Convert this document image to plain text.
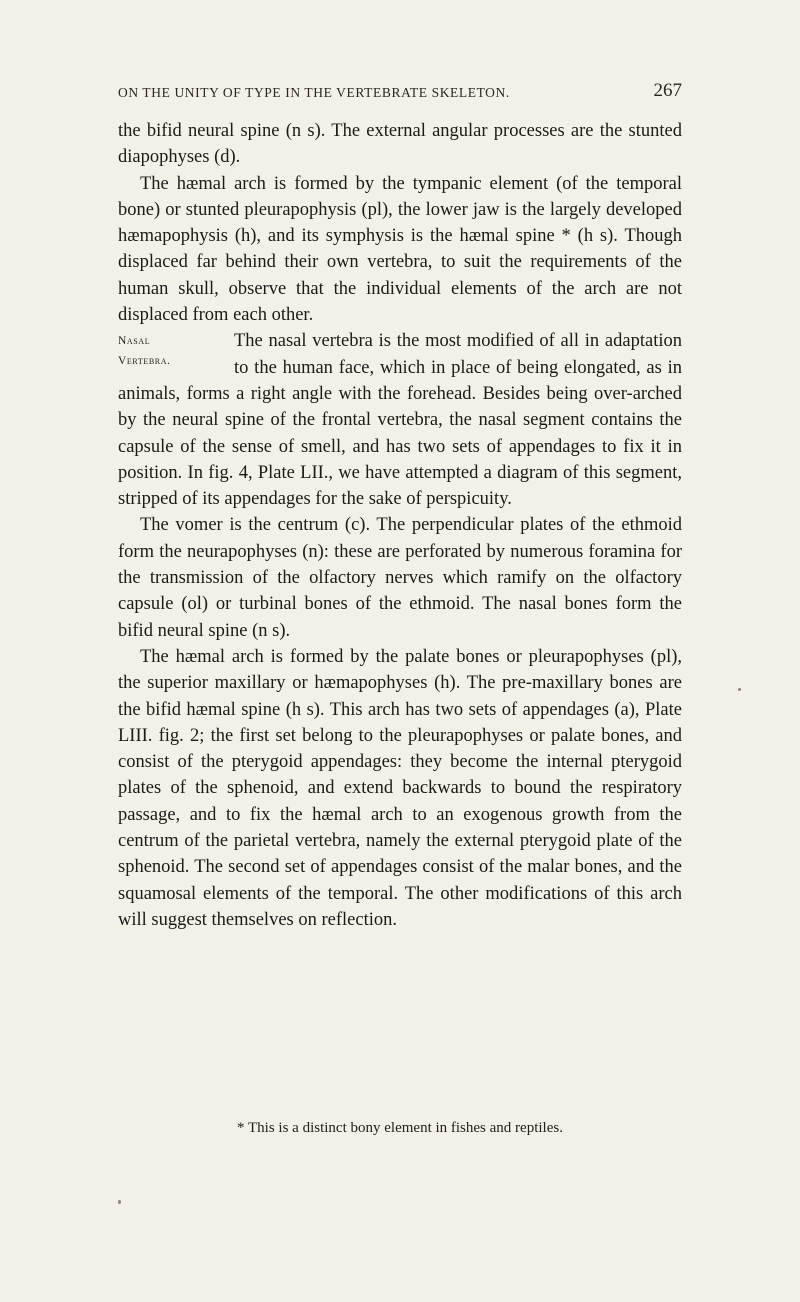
ON THE UNITY OF TYPE IN THE VERTEBRATE SKELETON.	267

the bifid neural spine (n s). The external angular processes are the stunted diapophyses (d).

The hæmal arch is formed by the tympanic element (of the temporal bone) or stunted pleurapophysis (pl), the lower jaw is the largely developed hæmapophysis (h), and its symphysis is the hæmal spine * (h s). Though displaced far behind their own vertebra, to suit the requirements of the human skull, observe that the individual elements of the arch are not displaced from each other.

Nasal
Vertebra.
The nasal vertebra is the most modified of all in adaptation to the human face, which in place of being elongated, as in animals, forms a right angle with the forehead. Besides being over-arched by the neural spine of the frontal vertebra, the nasal segment contains the capsule of the sense of smell, and has two sets of appendages to fix it in position. In fig. 4, Plate LII., we have attempted a diagram of this segment, stripped of its appendages for the sake of perspicuity.

The vomer is the centrum (c). The perpendicular plates of the ethmoid form the neurapophyses (n): these are perforated by numerous foramina for the transmission of the olfactory nerves which ramify on the olfactory capsule (ol) or turbinal bones of the ethmoid. The nasal bones form the bifid neural spine (n s).

The hæmal arch is formed by the palate bones or pleurapophyses (pl), the superior maxillary or hæmapophyses (h). The pre-maxillary bones are the bifid hæmal spine (h s). This arch has two sets of appendages (a), Plate LIII. fig. 2; the first set belong to the pleurapophyses or palate bones, and consist of the pterygoid appendages: they become the internal pterygoid plates of the sphenoid, and extend backwards to bound the respiratory passage, and to fix the hæmal arch to an exogenous growth from the centrum of the parietal vertebra, namely the external pterygoid plate of the sphenoid. The second set of appendages consist of the malar bones, and the squamosal elements of the temporal. The other modifications of this arch will suggest themselves on reflection.

* This is a distinct bony element in fishes and reptiles.
